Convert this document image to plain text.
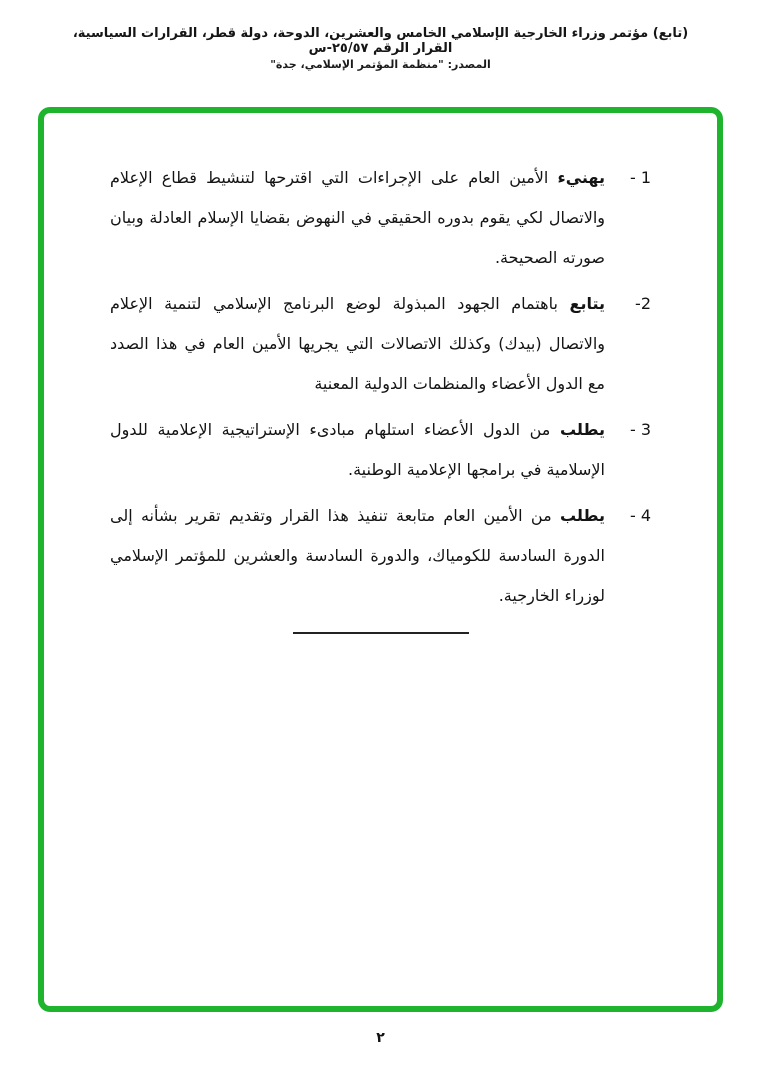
(تابع) مؤتمر وزراء الخارجية الإسلامي الخامس والعشرين، الدوحة، دولة قطر، القرارات السياسية، القرار الرقم ٢٥/٥٧-س
المصدر: "منظمة المؤتمر الإسلامي، جدة"
1 -
يهنيء الأمين العام على الإجراءات التي اقترحها لتنشيط قطاع الإعلام والاتصال لكي يقوم بدوره الحقيقي في النهوض بقضايا الإسلام العادلة وبيان صورته الصحيحة.
2-
يتابع باهتمام الجهود المبذولة لوضع البرنامج الإسلامي لتنمية الإعلام والاتصال (بيدك) وكذلك الاتصالات التي يجريها الأمين العام في هذا الصدد مع الدول الأعضاء والمنظمات الدولية المعنية
3 -
يطلب من الدول الأعضاء استلهام مبادىء الإستراتيجية الإعلامية للدول الإسلامية في برامجها الإعلامية الوطنية.
4 -
يطلب من الأمين العام متابعة تنفيذ هذا القرار وتقديم تقرير بشأنه إلى الدورة السادسة للكومياك، والدورة السادسة والعشرين للمؤتمر الإسلامي لوزراء الخارجية.
٢
